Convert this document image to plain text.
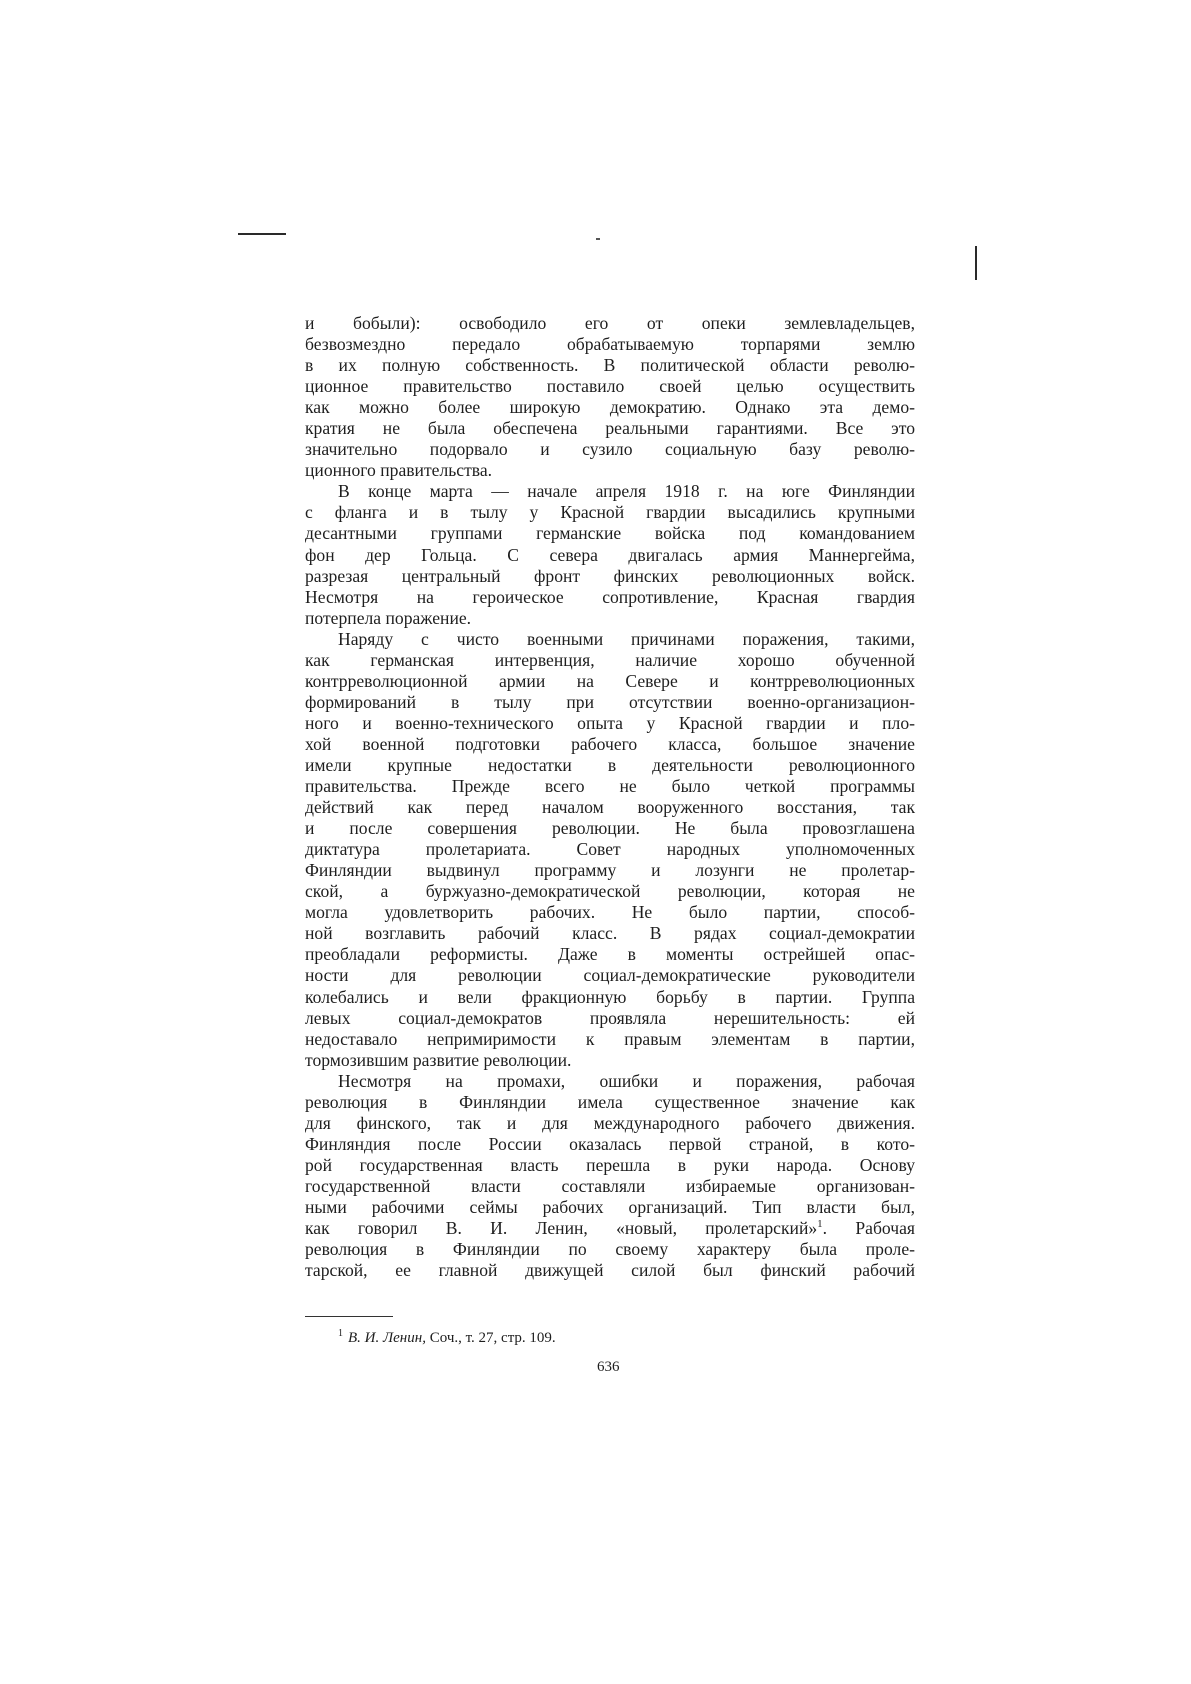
и бобыли): освободило его от опеки землевладельцев,
безвозмездно передало обрабатываемую торпарями землю
в их полную собственность. В политической области револю-
ционное правительство поставило своей целью осуществить
как можно более широкую демократию. Однако эта демо-
кратия не была обеспечена реальными гарантиями. Все это
значительно подорвало и сузило социальную базу револю-
ционного правительства.

В конце марта — начале апреля 1918 г. на юге Финляндии
с фланга и в тылу у Красной гвардии высадились крупными
десантными группами германские войска под командованием
фон дер Гольца. С севера двигалась армия Маннергейма,
разрезая центральный фронт финских революционных войск.
Несмотря на героическое сопротивление, Красная гвардия
потерпела поражение.

Наряду с чисто военными причинами поражения, такими,
как германская интервенция, наличие хорошо обученной
контрреволюционной армии на Севере и контрреволюционных
формирований в тылу при отсутствии военно-организацион-
ного и военно-технического опыта у Красной гвардии и пло-
хой военной подготовки рабочего класса, большое значение
имели крупные недостатки в деятельности революционного
правительства. Прежде всего не было четкой программы
действий как перед началом вооруженного восстания, так
и после совершения революции. Не была провозглашена
диктатура пролетариата. Совет народных уполномоченных
Финляндии выдвинул программу и лозунги не пролетар-
ской, а буржуазно-демократической революции, которая не
могла удовлетворить рабочих. Не было партии, способ-
ной возглавить рабочий класс. В рядах социал-демократии
преобладали реформисты. Даже в моменты острейшей опас-
ности для революции социал-демократические руководители
колебались и вели фракционную борьбу в партии. Группа
левых социал-демократов проявляла нерешительность: ей
недоставало непримиримости к правым элементам в партии,
тормозившим развитие революции.

Несмотря на промахи, ошибки и поражения, рабочая
революция в Финляндии имела существенное значение как
для финского, так и для международного рабочего движения.
Финляндия после России оказалась первой страной, в кото-
рой государственная власть перешла в руки народа. Основу
государственной власти составляли избираемые организован-
ными рабочими сеймы рабочих организаций. Тип власти был,
как говорил В. И. Ленин, «новый, пролетарский»$^1$. Рабочая
революция в Финляндии по своему характеру была проле-
тарской, ее главной движущей силой был финский рабочий

$^1$ В. И. Ленин, Соч., т. 27, стр. 109.
636
